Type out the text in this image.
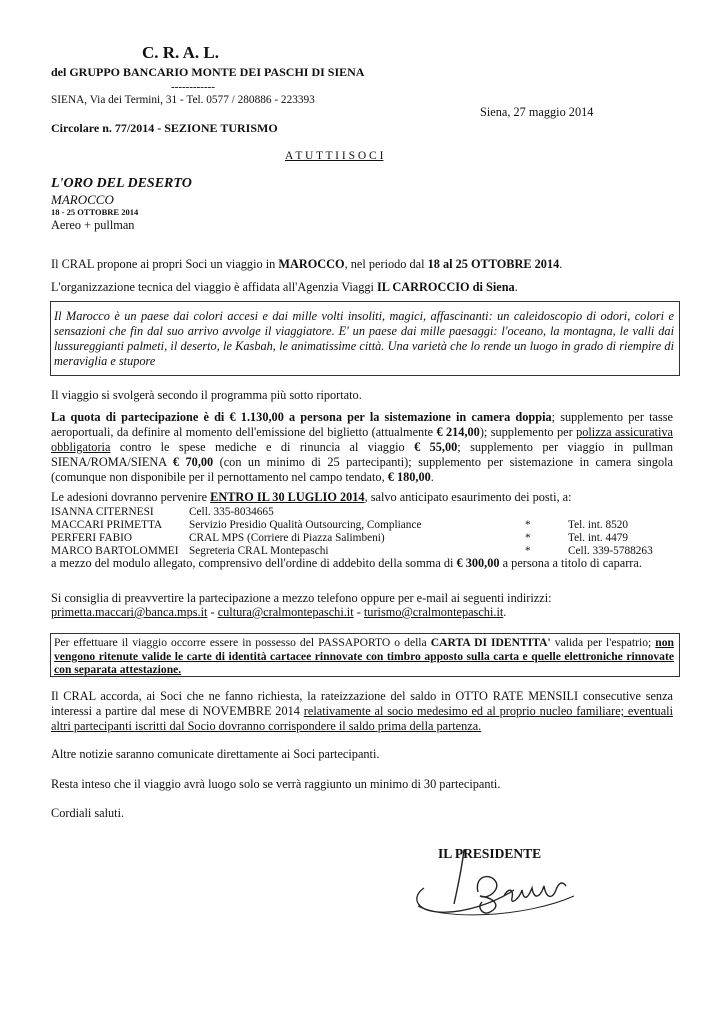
C. R. A. L.
del GRUPPO BANCARIO MONTE DEI PASCHI DI SIENA
------------
SIENA, Via dei Termini, 31 - Tel. 0577 / 280886 - 223393
Siena, 27 maggio 2014
Circolare n. 77/2014 - SEZIONE TURISMO
A T U T T I I S O C I
L'ORO DEL DESERTO
MAROCCO
18 - 25 OTTOBRE 2014
Aereo + pullman
Il CRAL propone ai propri Soci un viaggio in MAROCCO, nel periodo dal 18 al 25 OTTOBRE 2014.
L'organizzazione tecnica del viaggio è affidata all'Agenzia Viaggi IL CARROCCIO di Siena.
Il Marocco è un paese dai colori accesi e dai mille volti insoliti, magici, affascinanti: un caleidoscopio di odori, colori e sensazioni che fin dal suo arrivo avvolge il viaggiatore. E' un paese dai mille paesaggi: l'oceano, la montagna, le valli dai lussureggianti palmeti, il deserto, le Kasbah, le animatissime città. Una varietà che lo rende un luogo in grado di riempire di meraviglia e stupore
Il viaggio si svolgerà secondo il programma più sotto riportato.
La quota di partecipazione è di € 1.130,00 a persona per la sistemazione in camera doppia; supplemento per tasse aeroportuali, da definire al momento dell'emissione del biglietto (attualmente € 214,00); supplemento per polizza assicurativa obbligatoria contro le spese mediche e di rinuncia al viaggio € 55,00; supplemento per viaggio in pullman SIENA/ROMA/SIENA € 70,00 (con un minimo di 25 partecipanti); supplemento per sistemazione in camera singola (comunque non disponibile per il pernottamento nel campo tendato, € 180,00.
Le adesioni dovranno pervenire ENTRO IL 30 LUGLIO 2014, salvo anticipato esaurimento dei posti, a:
ISANNA CITERNESI	Cell. 335-8034665
MACCARI PRIMETTA Servizio Presidio Qualità Outsourcing, Compliance	*	Tel. int. 8520
PERFERI FABIO	CRAL MPS (Corriere di Piazza Salimbeni)	*	Tel. int. 4479
MARCO BARTOLOMMEI Segreteria CRAL Montepaschi	*	Cell. 339-5788263
a mezzo del modulo allegato, comprensivo dell'ordine di addebito della somma di € 300,00 a persona a titolo di caparra.
Si consiglia di preavvertire la partecipazione a mezzo telefono oppure per e-mail ai seguenti indirizzi:
primetta.maccari@banca.mps.it - cultura@cralmontepaschi.it - turismo@cralmontepaschi.it.
Per effettuare il viaggio occorre essere in possesso del PASSAPORTO o della CARTA DI IDENTITA' valida per l'espatrio; non vengono ritenute valide le carte di identità cartacee rinnovate con timbro apposto sulla carta e quelle elettroniche rinnovate con separata attestazione.
Il CRAL accorda, ai Soci che ne fanno richiesta, la rateizzazione del saldo in OTTO RATE MENSILI consecutive senza interessi a partire dal mese di NOVEMBRE 2014 relativamente al socio medesimo ed al proprio nucleo familiare; eventuali altri partecipanti iscritti dal Socio dovranno corrispondere il saldo prima della partenza.
Altre notizie saranno comunicate direttamente ai Soci partecipanti.
Resta inteso che il viaggio avrà luogo solo se verrà raggiunto un minimo di 30 partecipanti.
Cordiali saluti.
IL PRESIDENTE
